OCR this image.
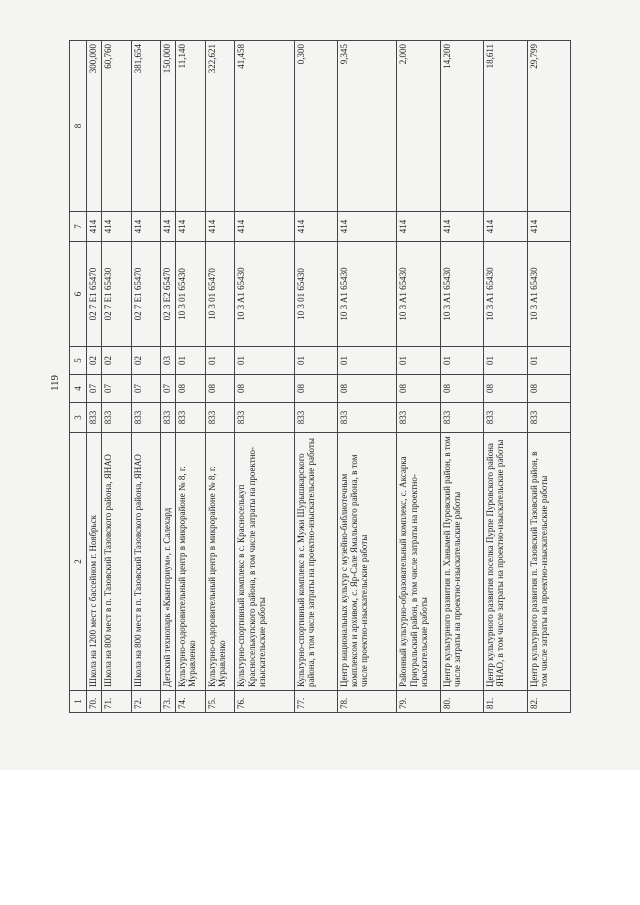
119
1	2	3	4	5	6	7	8
70.	Школа на 1200 мест с бассейном г. Ноябрьск	833	07	02	02 7 E1 65470	414	300,000
71.	Школа на 800 мест в п. Тазовский Тазовского района, ЯНАО	833	07	02	02 7 E1 65430	414	60,760
72.	Школа на 800 мест в п. Тазовский Тазовского района, ЯНАО	833	07	02	02 7 E1 65470	414	381,654
73.	Детский технопарк «Кванториум», г. Салехард	833	07	03	02 3 E2 65470	414	150,000
74.	Культурно-оздоровительный центр в микрорайоне № 8, г. Муравленко	833	08	01	10 3 01 65430	414	11,140
75.	Культурно-оздоровительный центр в микрорайоне № 8, г. Муравленко	833	08	01	10 3 01 65470	414	322,621
76.	Культурно-спортивный комплекс в с. Красноселькуп Красноселькупского района, в том числе затраты на проектно-изыскательские работы	833	08	01	10 3 A1 65430	414	41,458
77.	Культурно-спортивный комплекс в с. Мужи Шурышкарского района, в том числе затраты на проектно-изыскательские работы	833	08	01	10 3 01 65430	414	0,300
78.	Центр национальных культур с музейно-библиотечным комплексом и архивом, с. Яр-Сале Ямальского района, в том числе проектно-изыскательские работы	833	08	01	10 3 A1 65430	414	9,345
79.	Районный культурно-образовательный комплекс, с. Аксарка Приуральский район, в том числе затраты на проектно-изыскательские работы	833	08	01	10 3 A1 65430	414	2,000
80.	Центр культурного развития п. Ханымей Пуровский район, в том числе затраты на проектно-изыскательские работы	833	08	01	10 3 A1 65430	414	14,200
81.	Центр культурного развития поселка Пурпе Пуровского района ЯНАО, в том числе затраты на проектно-изыскательские работы	833	08	01	10 3 A1 65430	414	18,611
82.	Центр культурного развития п. Тазовский Тазовский район, в том числе затраты на проектно-изыскательские работы	833	08	01	10 3 A1 65430	414	29,799
